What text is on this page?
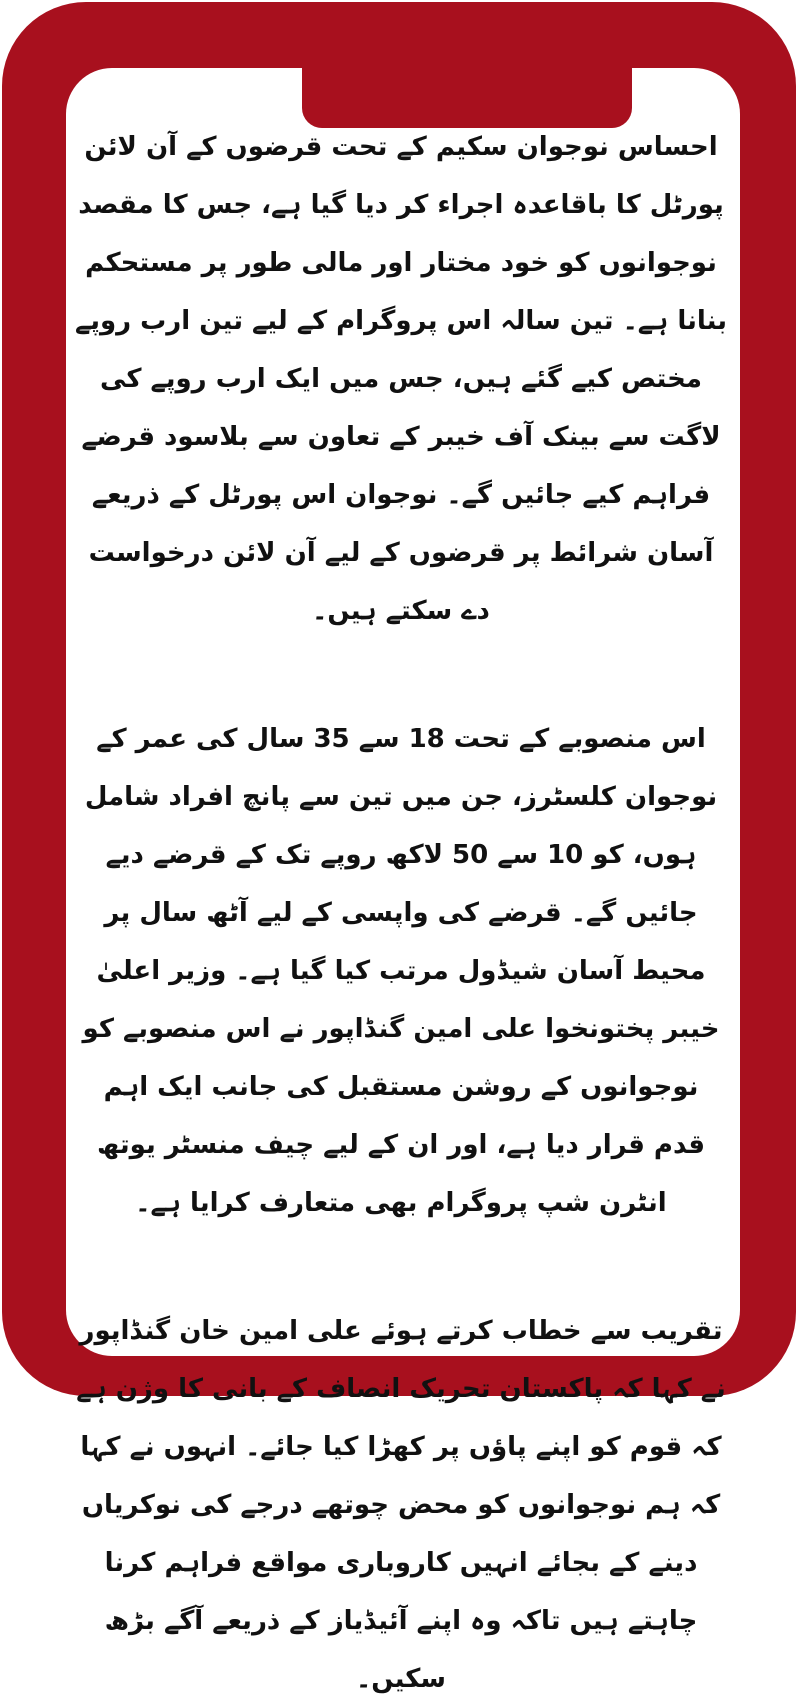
احساس نوجوان سکیم کے تحت قرضوں کے آن لائن پورٹل کا باقاعدہ اجراء کر دیا گیا ہے، جس کا مقصد نوجوانوں کو خود مختار اور مالی طور پر مستحکم بنانا ہے۔ تین سالہ اس پروگرام کے لیے تین ارب روپے مختص کیے گئے ہیں، جس میں ایک ارب روپے کی لاگت سے بینک آف خیبر کے تعاون سے بلاسود قرضے فراہم کیے جائیں گے۔ نوجوان اس پورٹل کے ذریعے آسان شرائط پر قرضوں کے لیے آن لائن درخواست دے سکتے ہیں۔

اس منصوبے کے تحت 18 سے 35 سال کی عمر کے نوجوان کلسٹرز، جن میں تین سے پانچ افراد شامل ہوں، کو 10 سے 50 لاکھ روپے تک کے قرضے دیے جائیں گے۔ قرضے کی واپسی کے لیے آٹھ سال پر محیط آسان شیڈول مرتب کیا گیا ہے۔ وزیر اعلیٰ خیبر پختونخوا علی امین گنڈاپور نے اس منصوبے کو نوجوانوں کے روشن مستقبل کی جانب ایک اہم قدم قرار دیا ہے، اور ان کے لیے چیف منسٹر یوتھ انٹرن شپ پروگرام بھی متعارف کرایا ہے۔

تقریب سے خطاب کرتے ہوئے علی امین خان گنڈاپور نے کہا کہ پاکستان تحریک انصاف کے بانی کا وژن ہے کہ قوم کو اپنے پاؤں پر کھڑا کیا جائے۔ انہوں نے کہا کہ ہم نوجوانوں کو محض چوتھے درجے کی نوکریاں دینے کے بجائے انہیں کاروباری مواقع فراہم کرنا چاہتے ہیں تاکہ وہ اپنے آئیڈیاز کے ذریعے آگے بڑھ سکیں۔
